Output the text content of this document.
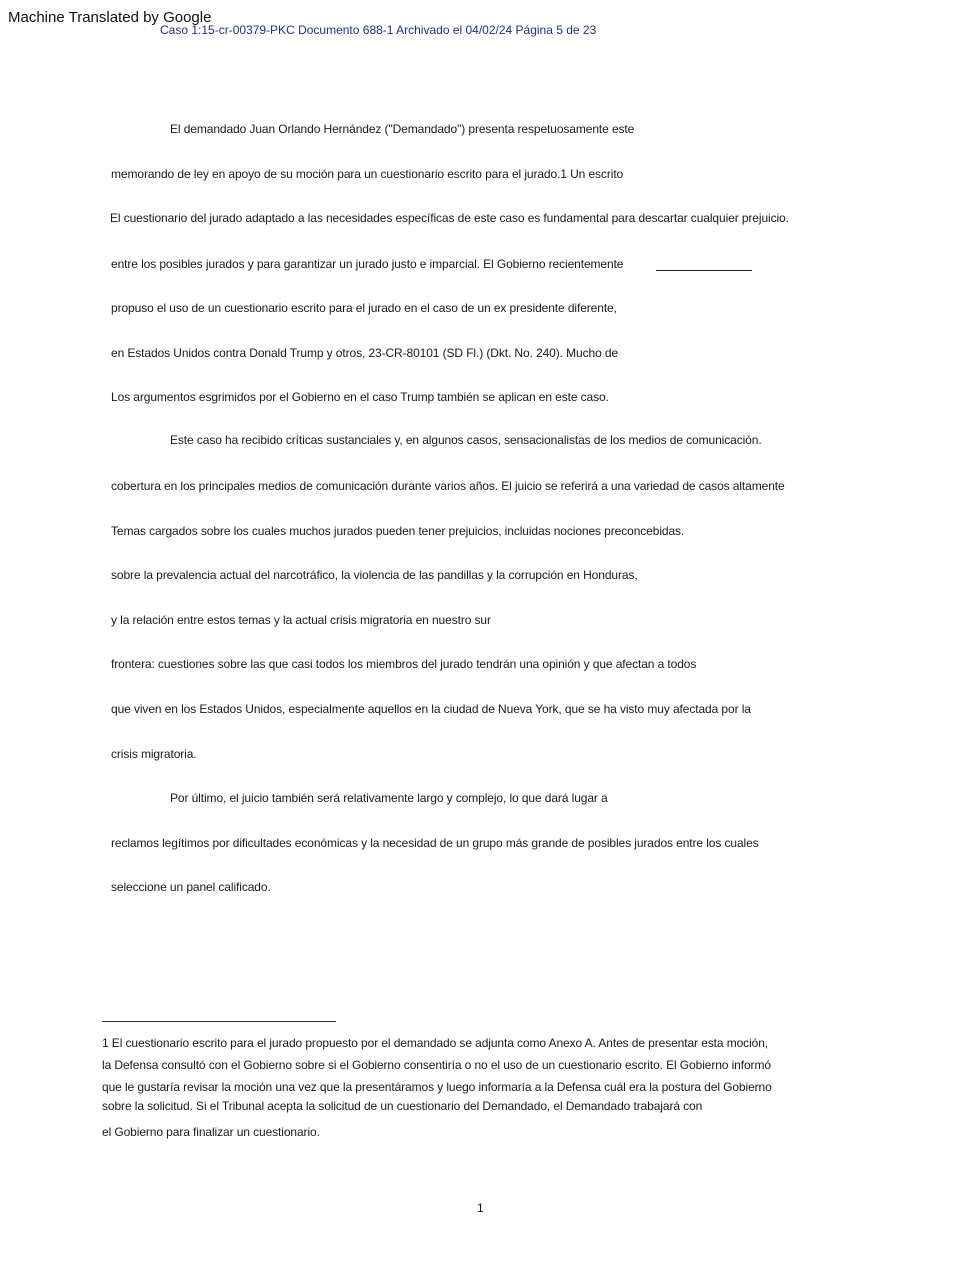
Machine Translated by Google
Caso 1:15-cr-00379-PKC Documento 688-1 Archivado el 04/02/24 Página 5 de 23
El demandado Juan Orlando Hernández ("Demandado") presenta respetuosamente este
memorando de ley en apoyo de su moción para un cuestionario escrito para el jurado.1 Un escrito
El cuestionario del jurado adaptado a las necesidades específicas de este caso es fundamental para descartar cualquier prejuicio.
entre los posibles jurados y para garantizar un jurado justo e imparcial. El Gobierno recientemente
propuso el uso de un cuestionario escrito para el jurado en el caso de un ex presidente diferente,
en Estados Unidos contra Donald Trump y otros, 23-CR-80101 (SD Fl.) (Dkt. No. 240). Mucho de
Los argumentos esgrimidos por el Gobierno en el caso Trump también se aplican en este caso.
Este caso ha recibido críticas sustanciales y, en algunos casos, sensacionalistas de los medios de comunicación.
cobertura en los principales medios de comunicación durante varios años. El juicio se referirá a una variedad de casos altamente
Temas cargados sobre los cuales muchos jurados pueden tener prejuicios, incluidas nociones preconcebidas.
sobre la prevalencia actual del narcotráfico, la violencia de las pandillas y la corrupción en Honduras,
y la relación entre estos temas y la actual crisis migratoria en nuestro sur
frontera: cuestiones sobre las que casi todos los miembros del jurado tendrán una opinión y que afectan a todos
que viven en los Estados Unidos, especialmente aquellos en la ciudad de Nueva York, que se ha visto muy afectada por la
crisis migratoria.
Por último, el juicio también será relativamente largo y complejo, lo que dará lugar a
reclamos legítimos por dificultades económicas y la necesidad de un grupo más grande de posibles jurados entre los cuales
seleccione un panel calificado.
1 El cuestionario escrito para el jurado propuesto por el demandado se adjunta como Anexo A. Antes de presentar esta moción,
la Defensa consultó con el Gobierno sobre si el Gobierno consentiría o no el uso de un cuestionario escrito. El Gobierno informó
que le gustaría revisar la moción una vez que la presentáramos y luego informaría a la Defensa cuál era la postura del Gobierno
sobre la solicitud. Si el Tribunal acepta la solicitud de un cuestionario del Demandado, el Demandado trabajará con
el Gobierno para finalizar un cuestionario.
1
